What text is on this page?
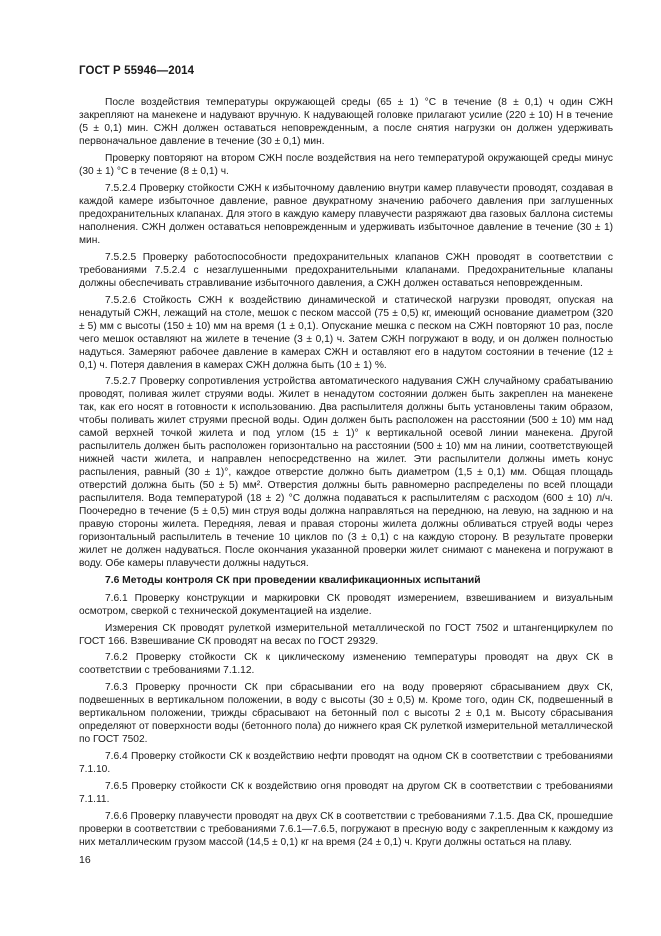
ГОСТ Р 55946—2014

После воздействия температуры окружающей среды (65 ± 1) °С в течение (8 ± 0,1) ч один СЖН закрепляют на манекене и надувают вручную. К надувающей головке прилагают усилие (220 ± 10) Н в течение (5 ± 0,1) мин. СЖН должен оставаться неповрежденным, а после снятия нагрузки он должен удерживать первоначальное давление в течение (30 ± 0,1) мин.

Проверку повторяют на втором СЖН после воздействия на него температурой окружающей среды минус (30 ± 1) °С в течение (8 ± 0,1) ч.

7.5.2.4 Проверку стойкости СЖН к избыточному давлению внутри камер плавучести проводят, создавая в каждой камере избыточное давление, равное двукратному значению рабочего давления при заглушенных предохранительных клапанах. Для этого в каждую камеру плавучести разряжают два газовых баллона системы наполнения. СЖН должен оставаться неповрежденным и удерживать избыточное давление в течение (30 ± 1) мин.

7.5.2.5 Проверку работоспособности предохранительных клапанов СЖН проводят в соответствии с требованиями 7.5.2.4 с незаглушенными предохранительными клапанами. Предохранительные клапаны должны обеспечивать стравливание избыточного давления, а СЖН должен оставаться неповрежденным.

7.5.2.6 Стойкость СЖН к воздействию динамической и статической нагрузки проводят, опуская на ненадутый СЖН, лежащий на столе, мешок с песком массой (75 ± 0,5) кг, имеющий основание диаметром (320 ± 5) мм с высоты (150 ± 10) мм на время (1 ± 0,1). Опускание мешка с песком на СЖН повторяют 10 раз, после чего мешок оставляют на жилете в течение (3 ± 0,1) ч. Затем СЖН погружают в воду, и он должен полностью надуться. Замеряют рабочее давление в камерах СЖН и оставляют его в надутом состоянии в течение (12 ± 0,1) ч. Потеря давления в камерах СЖН должна быть (10 ± 1) %.

7.5.2.7 Проверку сопротивления устройства автоматического надувания СЖН случайному срабатыванию проводят, поливая жилет струями воды. Жилет в ненадутом состоянии должен быть закреплен на манекене так, как его носят в готовности к использованию. Два распылителя должны быть установлены таким образом, чтобы поливать жилет струями пресной воды. Один должен быть расположен на расстоянии (500 ± 10) мм над самой верхней точкой жилета и под углом (15 ± 1)° к вертикальной осевой линии манекена. Другой распылитель должен быть расположен горизонтально на расстоянии (500 ± 10) мм на линии, соответствующей нижней части жилета, и направлен непосредственно на жилет. Эти распылители должны иметь конус распыления, равный (30 ± 1)°, каждое отверстие должно быть диаметром (1,5 ± 0,1) мм. Общая площадь отверстий должна быть (50 ± 5) мм². Отверстия должны быть равномерно распределены по всей площади распылителя. Вода температурой (18 ± 2) °С должна подаваться к распылителям с расходом (600 ± 10) л/ч. Поочередно в течение (5 ± 0,5) мин струя воды должна направляться на переднюю, на левую, на заднюю и на правую стороны жилета. Передняя, левая и правая стороны жилета должны обливаться струей воды через горизонтальный распылитель в течение 10 циклов по (3 ± 0,1) с на каждую сторону. В результате проверки жилет не должен надуваться. После окончания указанной проверки жилет снимают с манекена и погружают в воду. Обе камеры плавучести должны надуться.

7.6 Методы контроля СК при проведении квалификационных испытаний

7.6.1 Проверку конструкции и маркировки СК проводят измерением, взвешиванием и визуальным осмотром, сверкой с технической документацией на изделие.

Измерения СК проводят рулеткой измерительной металлической по ГОСТ 7502 и штангенциркулем по ГОСТ 166. Взвешивание СК проводят на весах по ГОСТ 29329.

7.6.2 Проверку стойкости СК к циклическому изменению температуры проводят на двух СК в соответствии с требованиями 7.1.12.

7.6.3 Проверку прочности СК при сбрасывании его на воду проверяют сбрасыванием двух СК, подвешенных в вертикальном положении, в воду с высоты (30 ± 0,5) м. Кроме того, один СК, подвешенный в вертикальном положении, трижды сбрасывают на бетонный пол с высоты 2 ± 0,1 м. Высоту сбрасывания определяют от поверхности воды (бетонного пола) до нижнего края СК рулеткой измерительной металлической по ГОСТ 7502.

7.6.4 Проверку стойкости СК к воздействию нефти проводят на одном СК в соответствии с требованиями 7.1.10.

7.6.5 Проверку стойкости СК к воздействию огня проводят на другом СК в соответствии с требованиями 7.1.11.

7.6.6 Проверку плавучести проводят на двух СК в соответствии с требованиями 7.1.5. Два СК, прошедшие проверки в соответствии с требованиями 7.6.1—7.6.5, погружают в пресную воду с закрепленным к каждому из них металлическим грузом массой (14,5 ± 0,1) кг на время (24 ± 0,1) ч. Круги должны остаться на плаву.

16
